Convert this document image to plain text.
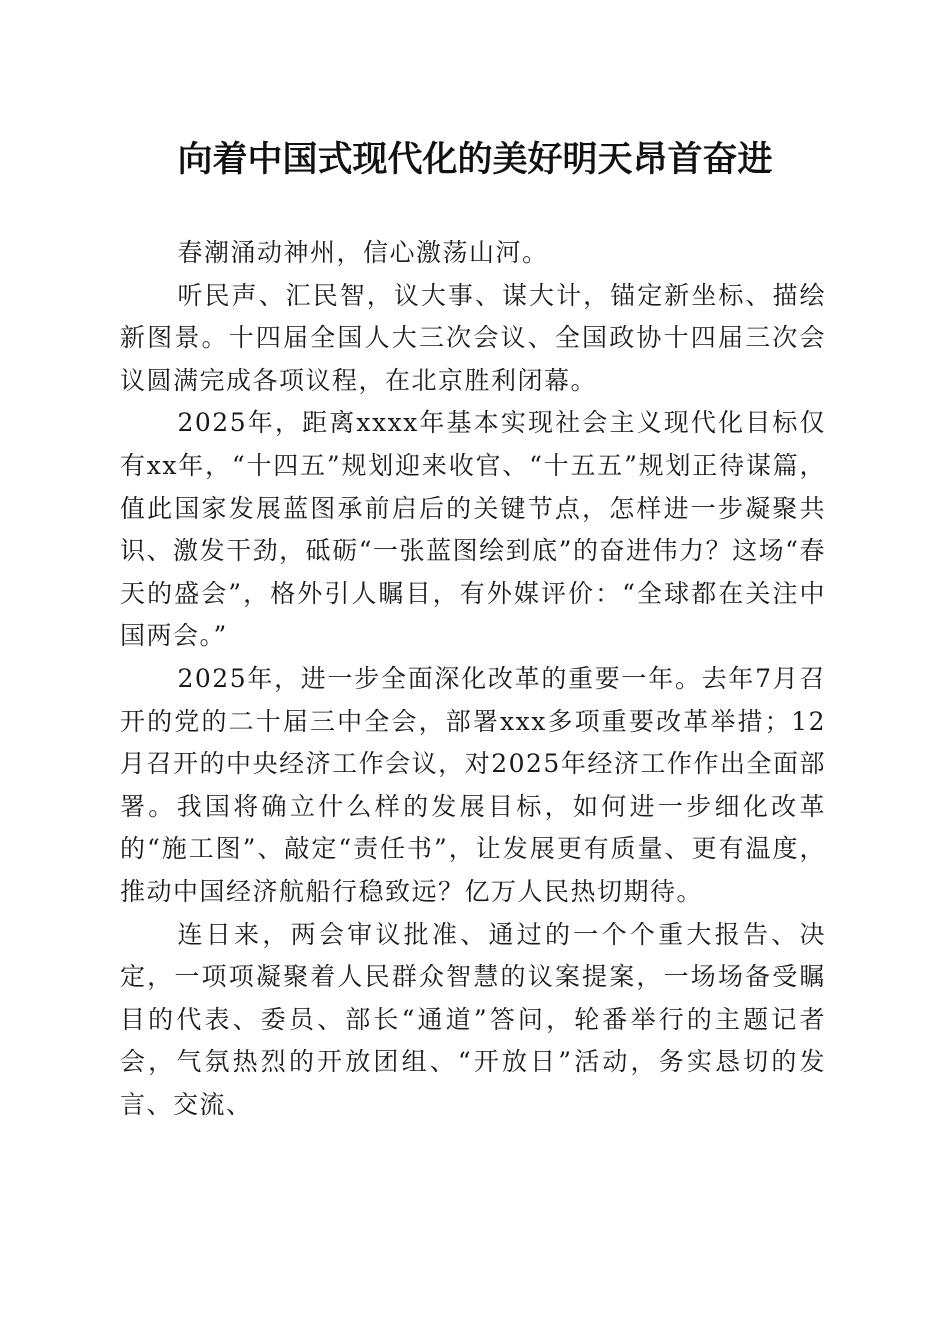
向着中国式现代化的美好明天昂首奋进

春潮涌动神州，信心激荡山河。

听民声、汇民智，议大事、谋大计，锚定新坐标、描绘新图景。十四届全国人大三次会议、全国政协十四届三次会议圆满完成各项议程，在北京胜利闭幕。

2025年，距离xxxx年基本实现社会主义现代化目标仅有xx年，“十四五”规划迎来收官、“十五五”规划正待谋篇，值此国家发展蓝图承前启后的关键节点，怎样进一步凝聚共识、激发干劲，砥砺“一张蓝图绘到底”的奋进伟力？这场“春天的盛会”，格外引人瞩目，有外媒评价：“全球都在关注中国两会。”

2025年，进一步全面深化改革的重要一年。去年7月召开的党的二十届三中全会，部署xxx多项重要改革举措；12月召开的中央经济工作会议，对2025年经济工作作出全面部署。我国将确立什么样的发展目标，如何进一步细化改革的“施工图”、敲定“责任书”，让发展更有质量、更有温度，推动中国经济航船行稳致远？亿万人民热切期待。

连日来，两会审议批准、通过的一个个重大报告、决定，一项项凝聚着人民群众智慧的议案提案，一场场备受瞩目的代表、委员、部长“通道”答问，轮番举行的主题记者会，气氛热烈的开放团组、“开放日”活动，务实恳切的发言、交流、
